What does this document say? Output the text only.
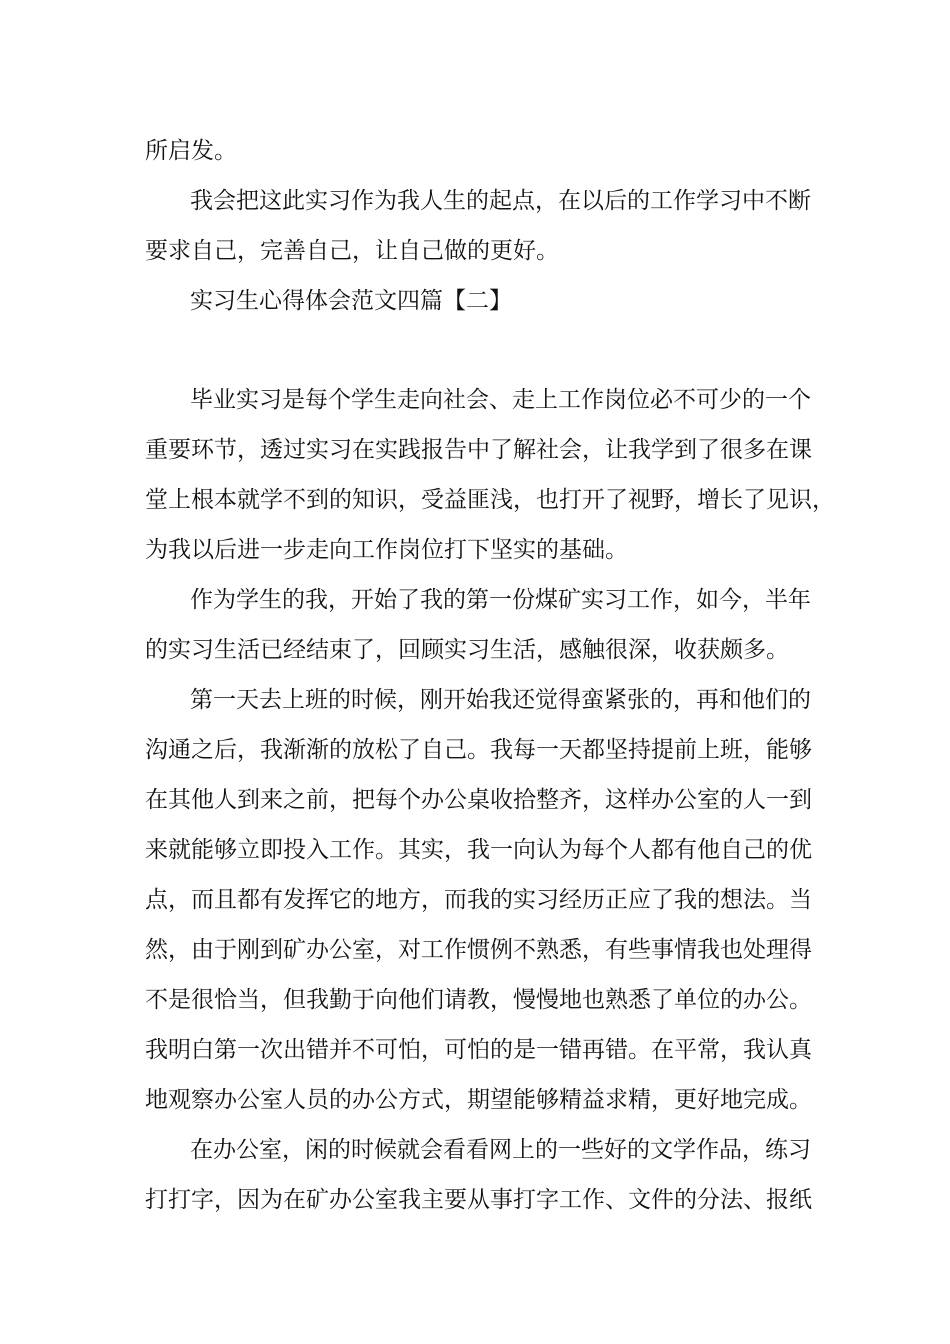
所启发。
我会把这此实习作为我人生的起点，在以后的工作学习中不断
要求自己，完善自己，让自己做的更好。
实习生心得体会范文四篇【二】
毕业实习是每个学生走向社会、走上工作岗位必不可少的一个
重要环节，透过实习在实践报告中了解社会，让我学到了很多在课
堂上根本就学不到的知识，受益匪浅，也打开了视野，增长了见识，
为我以后进一步走向工作岗位打下坚实的基础。
作为学生的我，开始了我的第一份煤矿实习工作，如今，半年
的实习生活已经结束了，回顾实习生活，感触很深，收获颇多。
第一天去上班的时候，刚开始我还觉得蛮紧张的，再和他们的
沟通之后，我渐渐的放松了自己。我每一天都坚持提前上班，能够
在其他人到来之前，把每个办公桌收拾整齐，这样办公室的人一到
来就能够立即投入工作。其实，我一向认为每个人都有他自己的优
点，而且都有发挥它的地方，而我的实习经历正应了我的想法。当
然，由于刚到矿办公室，对工作惯例不熟悉，有些事情我也处理得
不是很恰当，但我勤于向他们请教，慢慢地也熟悉了单位的办公。
我明白第一次出错并不可怕，可怕的是一错再错。在平常，我认真
地观察办公室人员的办公方式，期望能够精益求精，更好地完成。
在办公室，闲的时候就会看看网上的一些好的文学作品，练习
打打字，因为在矿办公室我主要从事打字工作、文件的分法、报纸
